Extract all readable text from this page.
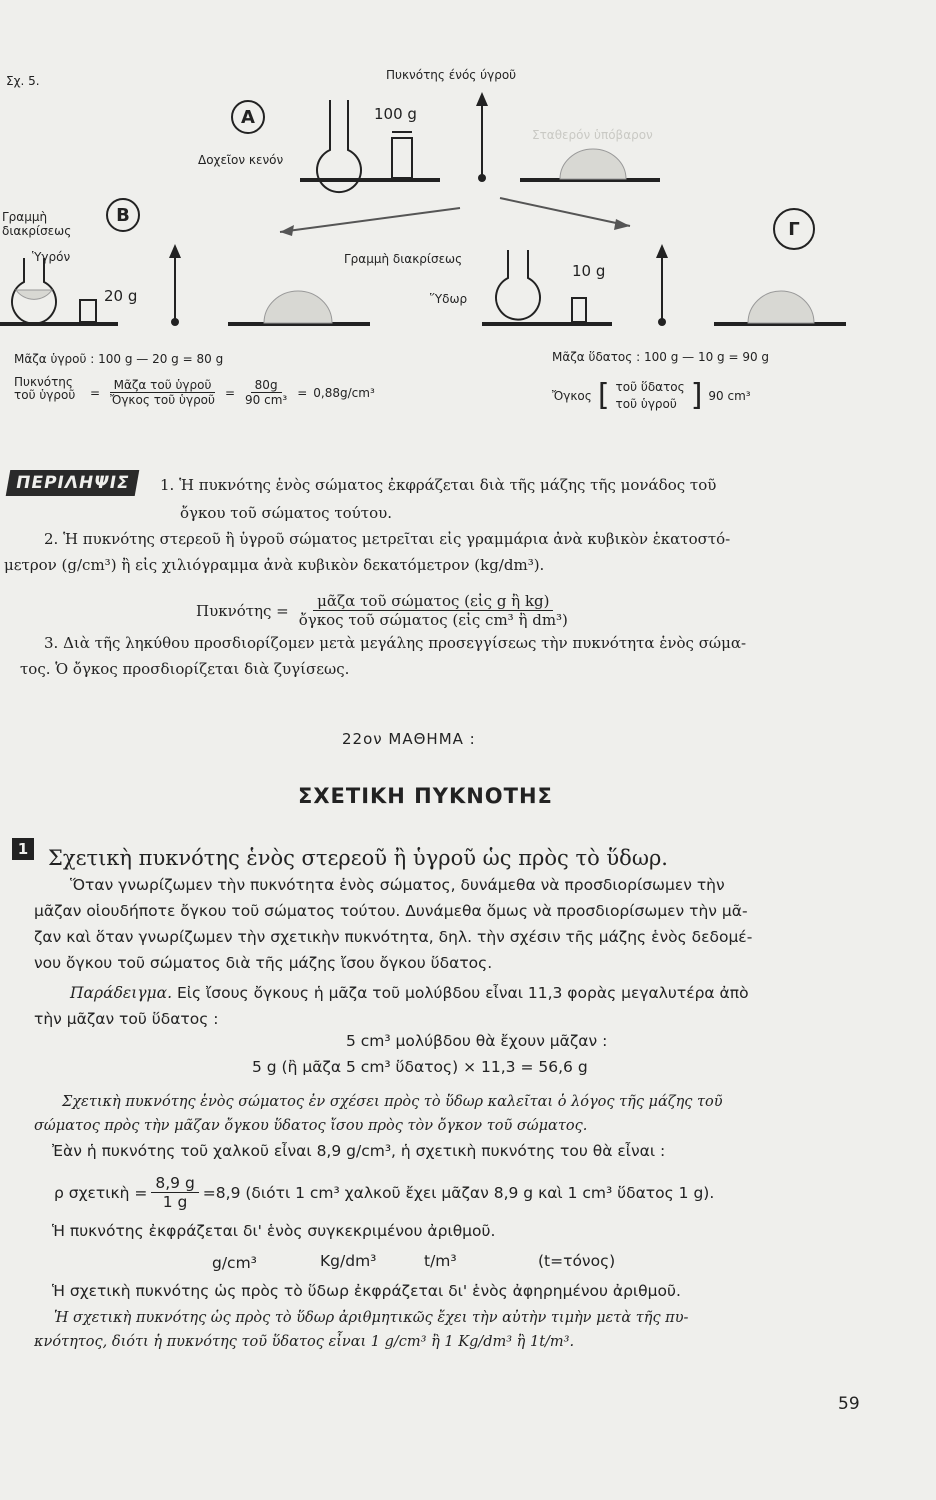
Σχ. 5.	Πυκνότης ένός ύγροῦ
A
B
Γ
Δοχεῖον κενόν
100 g
Σταθερόν ὑπόβαρον
Γραμμὴ διακρίσεως
Ὑγρόν
20 g
Γραμμὴ διακρίσεως
Ὕδωρ
10 g
Μᾶζα ὑγροῦ : 100 g — 20 g = 80 g
Πυκνότης τοῦ ὑγροῦ	= $\frac{\text{Μᾶζα τοῦ ὑγροῦ}}{\text{Ὄγκος τοῦ ὑγροῦ}} = \frac{80g}{\text{90 cm³}} = 0,88g/cm^3$
Μᾶζα ὕδατος : 100 g — 10 g = 90 g
Ὄγκος [ τοῦ ὕδατος
τοῦ ὑγροῦ ] 90 cm³
ΠΕΡΙΛΗΨΙΣ	1. Ἡ πυκνότης ἑνὸς σώματος ἐκφράζεται διὰ τῆς μάζης τῆς μονάδος τοῦ
ὄγκου τοῦ σώματος τούτου.
2. Ἡ πυκνότης στερεοῦ ἢ ὑγροῦ σώματος μετρεῖται εἰς γραμμάρια ἀνὰ κυβικὸν ἑκατοστό-
μετρον (g/cm³) ἢ εἰς χιλιόγραμμα ἀνὰ κυβικὸν δεκατόμετρον (kg/dm³).
$\Pi\upsilon\kappa\nu ό\tau\eta\varsigma = \frac{\text{μᾶζα τοῦ σώματος (εἰς g ἢ kg)}}{\text{ὄγκος τοῦ σώματος (εἰς cm³ ἢ dm³)}}$
3. Διὰ τῆς ληκύθου προσδιορίζομεν μετὰ μεγάλης προσεγγίσεως τὴν πυκνότητα ἑνὸς σώμα-
τος. Ὁ ὄγκος προσδιορίζεται διὰ ζυγίσεως.
22ον ΜΑΘΗΜΑ :
ΣΧΕΤΙΚΗ ΠΥΚΝΟΤΗΣ
1 Σχετικὴ πυκνότης ἑνὸς στερεοῦ ἢ ὑγροῦ ὡς πρὸς τὸ ὕδωρ.
Ὅταν γνωρίζωμεν τὴν πυκνότητα ἑνὸς σώματος, δυνάμεθα νὰ προσδιορίσωμεν τὴν
μᾶζαν οἱουδήποτε ὄγκου τοῦ σώματος τούτου. Δυνάμεθα ὅμως νὰ προσδιορίσωμεν τὴν μᾶ-
ζαν καὶ ὅταν γνωρίζωμεν τὴν σχετικὴν πυκνότητα, δηλ. τὴν σχέσιν τῆς μάζης ἑνὸς δεδομέ-
νου ὄγκου τοῦ σώματος διὰ τῆς μάζης ἴσου ὄγκου ὕδατος.
Παράδειγμα. Εἰς ἴσους ὄγκους ἡ μᾶζα τοῦ μολύβδου εἶναι 11,3 φορὰς μεγαλυτέρα ἀπὸ
τὴν μᾶζαν τοῦ ὕδατος :
5 cm³ μολύβδου θὰ ἔχουν μᾶζαν :
5 g (ἢ μᾶζα 5 cm³ ὕδατος) × 11,3 = 56,6 g
Σχετικὴ πυκνότης ἑνὸς σώματος ἐν σχέσει πρὸς τὸ ὕδωρ καλεῖται ὁ λόγος τῆς μάζης τοῦ
σώματος πρὸς τὴν μᾶζαν ὄγκου ὕδατος ἴσου πρὸς τὸν ὄγκον τοῦ σώματος.
Ἐὰν ἡ πυκνότης τοῦ χαλκοῦ εἶναι 8,9 g/cm³, ἡ σχετικὴ πυκνότης του θὰ εἶναι :
ρ σχετικὴ = $\frac{8,9 g}{1 g} =8,9$ (διότι 1 cm³ χαλκοῦ ἔχει μᾶζαν 8,9 g καὶ 1 cm³ ὕδατος 1 g).
Ἡ πυκνότης ἐκφράζεται δι' ἑνὸς συγκεκριμένου ἀριθμοῦ.
g/cm³	Kg/dm³	t/m³	(t=τόνος)
Ἡ σχετικὴ πυκνότης ὡς πρὸς τὸ ὕδωρ ἐκφράζεται δι' ἑνὸς ἀφηρημένου ἀριθμοῦ.
Ἡ σχετικὴ πυκνότης ὡς πρὸς τὸ ὕδωρ ἀριθμητικῶς ἔχει τὴν αὐτὴν τιμὴν μετὰ τῆς πυ-
κνότητος, διότι ἡ πυκνότης τοῦ ὕδατος εἶναι 1 g/cm³ ἢ 1 Kg/dm³ ἢ 1t/m³.
59
